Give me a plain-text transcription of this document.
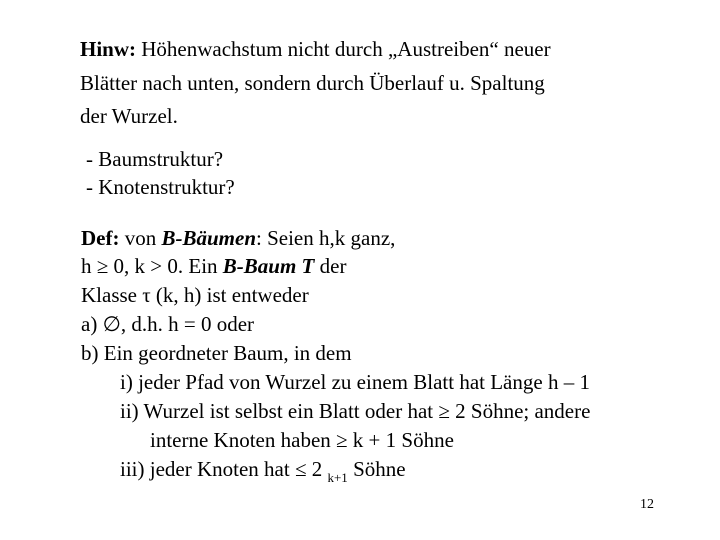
Hinw: Höhenwachstum nicht durch „Austreiben“ neuer
Blätter nach unten, sondern durch Überlauf u. Spaltung
der Wurzel.
- Baumstruktur?
- Knotenstruktur?
Def: von B-Bäumen: Seien h,k ganz,
h ≥ 0, k > 0. Ein B-Baum T der
Klasse τ (k, h) ist entweder
a) ∅, d.h. h = 0 oder
b) Ein geordneter Baum, in dem
i) jeder Pfad von Wurzel zu einem Blatt hat Länge h – 1
ii) Wurzel ist selbst ein Blatt oder hat ≥ 2 Söhne; andere
interne Knoten haben ≥ k + 1 Söhne
iii) jeder Knoten hat ≤ 2 $_{k+1}$ Söhne
12
